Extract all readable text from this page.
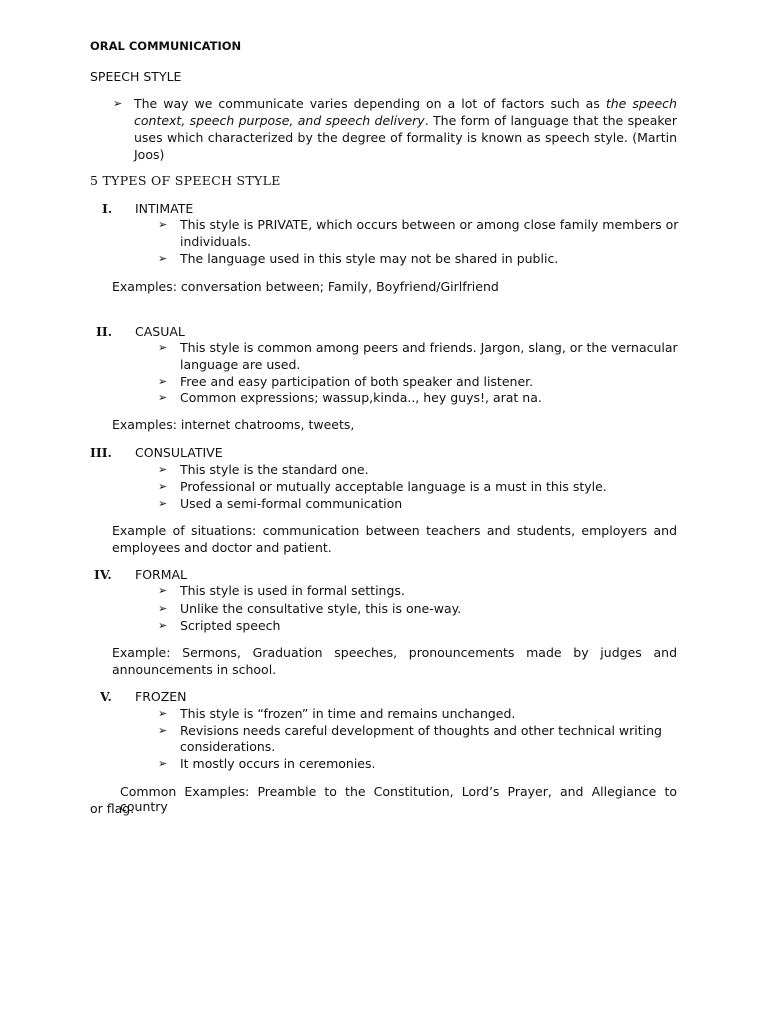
ORAL COMMUNICATION
SPEECH STYLE
➢ The way we communicate varies depending on a lot of factors such as the speech
context, speech purpose, and speech delivery. The form of language that the speaker
uses which characterized by the degree of formality is known as speech style. (Martin
Joos)
5 TYPES OF SPEECH STYLE
I. INTIMATE
➢ This style is PRIVATE, which occurs between or among close family members or
individuals.
➢ The language used in this style may not be shared in public.
Examples: conversation between; Family, Boyfriend/Girlfriend
II. CASUAL
➢ This style is common among peers and friends. Jargon, slang, or the vernacular
language are used.
➢ Free and easy participation of both speaker and listener.
➢ Common expressions; wassup,kinda.., hey guys!, arat na.
Examples: internet chatrooms, tweets,
III. CONSULATIVE
➢ This style is the standard one.
➢ Professional or mutually acceptable language is a must in this style.
➢ Used a semi-formal communication
Example of situations: communication between teachers and students, employers and
employees and doctor and patient.
IV. FORMAL
➢ This style is used in formal settings.
➢ Unlike the consultative style, this is one-way.
➢ Scripted speech
Example: Sermons, Graduation speeches, pronouncements made by judges and
announcements in school.
V. FROZEN
➢ This style is “frozen” in time and remains unchanged.
➢ Revisions needs careful development of thoughts and other technical writing
considerations.
➢ It mostly occurs in ceremonies.
Common Examples: Preamble to the Constitution, Lord’s Prayer, and Allegiance to country
or flag.
